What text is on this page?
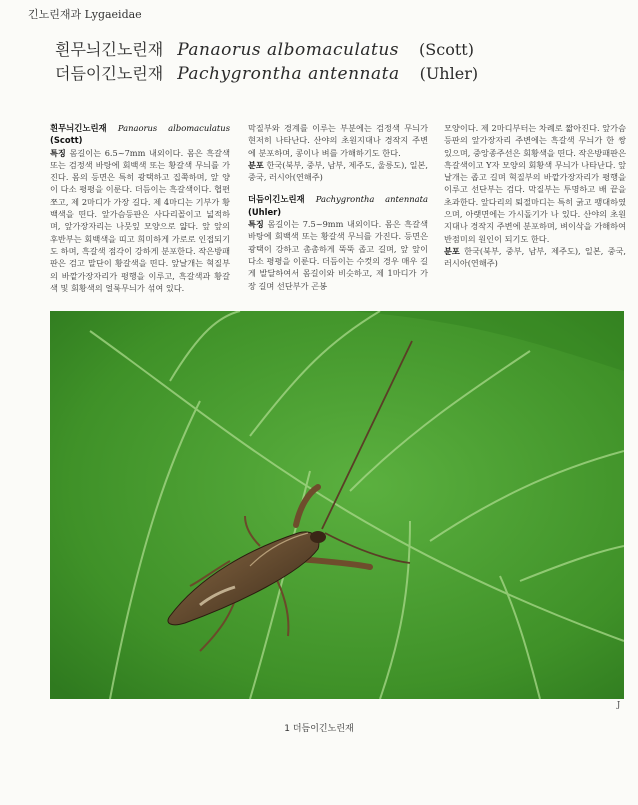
긴노린재과 Lygaeidae
흰무늬긴노린재 Panaorus albomaculatus (Scott)
더듬이긴노린재 Pachygrontha antennata (Uhler)

흰무늬긴노린재 Panaorus albomaculatus (Scott)

특징 몸길이는 6.5~7mm 내외이다. 몸은 흑갈색 또는 검정색 바탕에 회백색 또는 황갈색 무늬를 가진다. 몸의 등면은 특히 광택하고 집쭉하며, 앞 양이 다소 평평을 이룬다. 더듬이는 흑갈색이다. 협편 쪼고, 제 2마디가 가장 길다. 제 4마디는 기부가 황백색을 띤다. 앞가슴등판은 사다리꼴이고 넓적하며, 앞가장자리는 나뭇잎 모양으로 얇다. 앞 앞의 후반부는 회백색을 띠고 희미하게 가로로 인접되기도 하며, 흑갈색 점각이 강하게 분포한다. 작은방패판은 검고 말단이 황갈색을 띤다. 앞날개는 혁질부의 바깥가장자리가 평행을 이루고, 흑갈색과 황갈색 및 회황색의 얼룩무늬가 섞여 있다.

막질부와 경계를 이루는 부분에는 검정색 무늬가 현저히 나타난다. 산야의 초원지대나 경작지 주변에 분포하며, 콩이나 벼를 가해하기도 한다.

분포 한국(북부, 중부, 남부, 제주도, 울릉도), 일본, 중국, 러시아(연해주)

더듬이긴노린재 Pachygrontha antennata (Uhler)

특징 몸길이는 7.5~9mm 내외이다. 몸은 흑갈색 바탕에 회백색 또는 황갈색 무늬를 가진다. 등면은 광택이 강하고 촘촘하게 뚝뚝 좁고 길며, 앞 앞이 다소 평평을 이룬다. 더듬이는 수컷의 경우 매우 길게 발달하여서 몸길이와 비슷하고, 제 1마디가 가장 길며 선단부가 곤봉

모양이다. 제 2마디부터는 차례로 짧아진다. 앞가슴등판의 앞가장자리 주변에는 흑갈색 무늬가 한 쌍 있으며, 중앙종주선은 회황색을 띤다. 작은방패판은 흑갈색이고 Y자 모양의 회황색 무늬가 나타난다. 앞날개는 좁고 길며 혁질부의 바깥가장자리가 평행을 이루고 선단부는 검다. 막질부는 투명하고 배 끝을 초과한다. 앞다리의 퇴절마디는 특히 굵고 팽대하였으며, 아랫면에는 가시돌기가 나 있다. 산야의 초원지대나 경작지 주변에 분포하며, 벼이삭을 가해하여 반점미의 원인이 되기도 한다.

분포 한국(북부, 중부, 남부, 제주도), 일본, 중국, 러시아(연해주)

J
1 더듬이긴노린재
